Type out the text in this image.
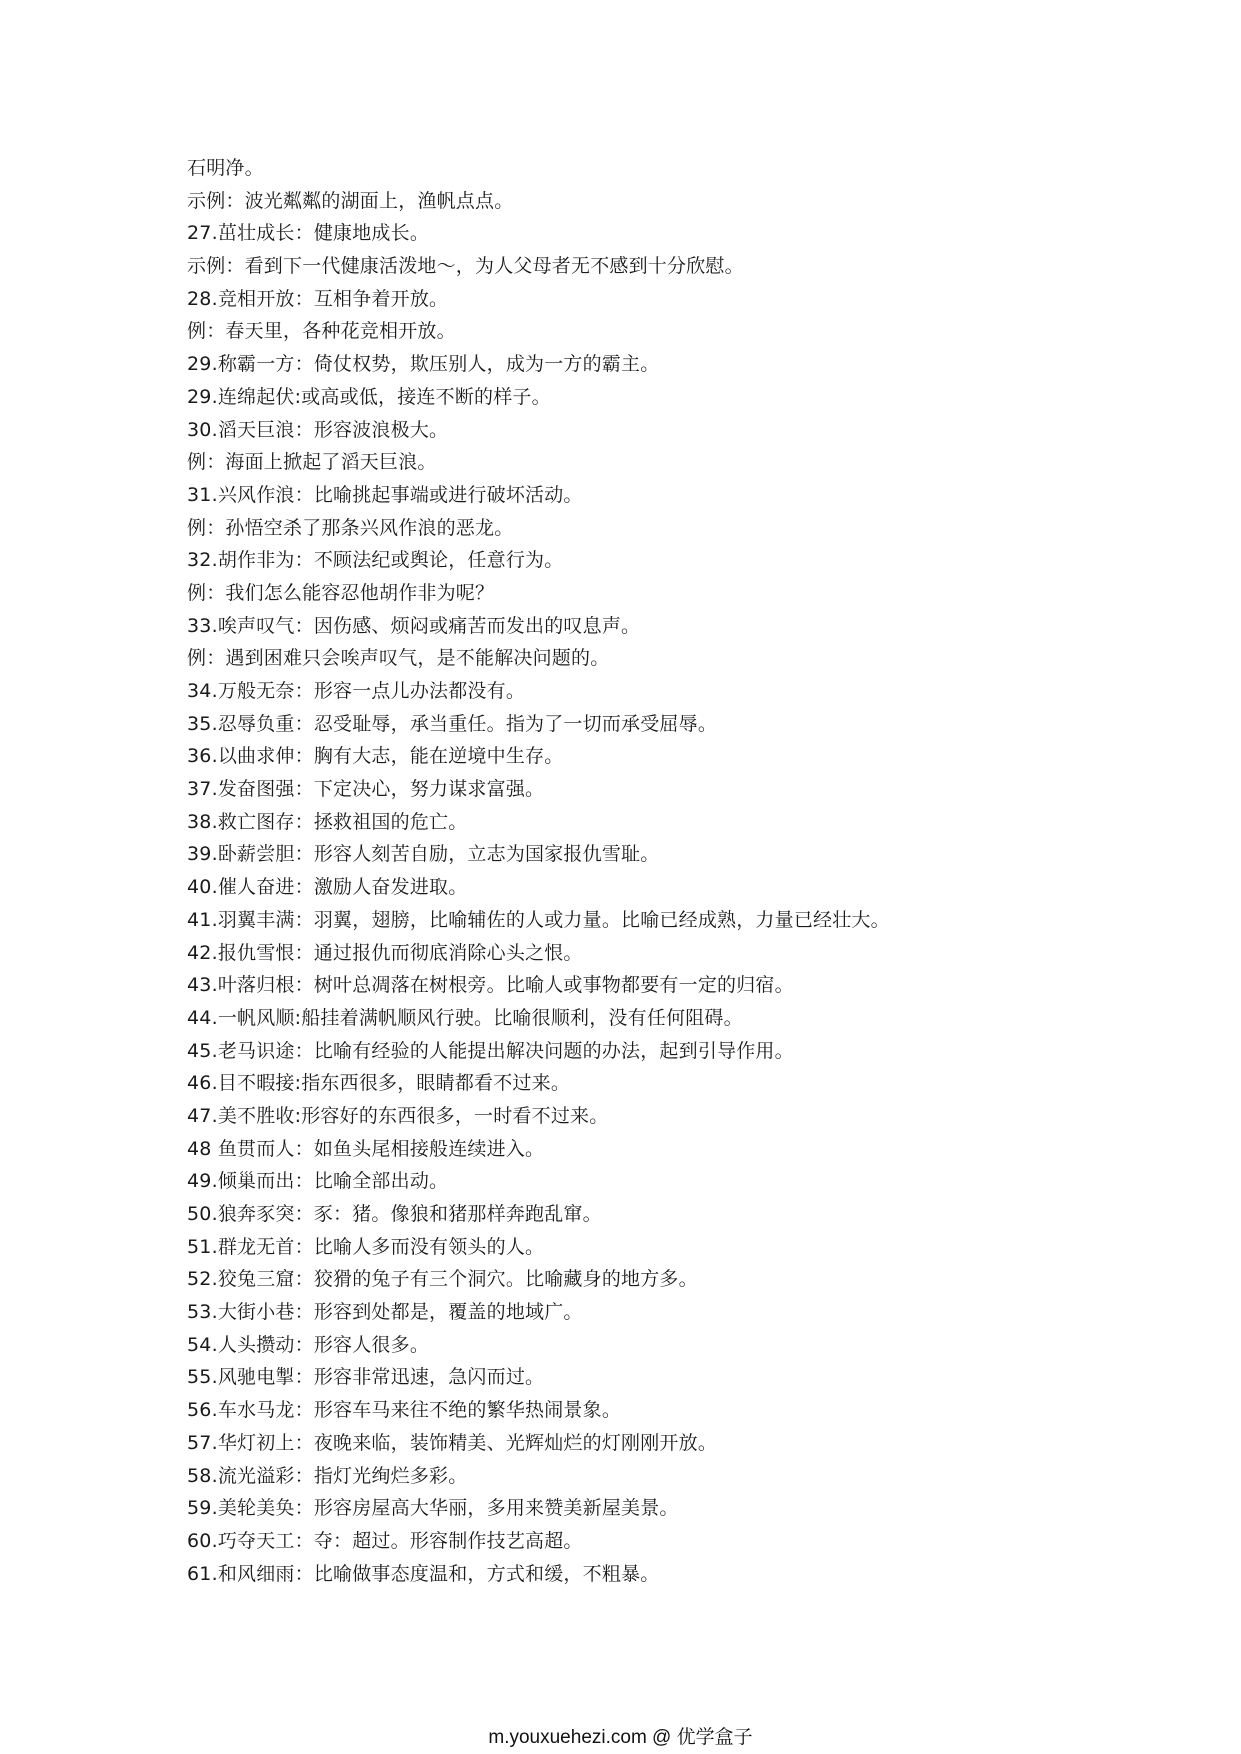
石明净。
示例：波光粼粼的湖面上，渔帆点点。
27.茁壮成长：健康地成长。
示例：看到下一代健康活泼地～，为人父母者无不感到十分欣慰。
28.竞相开放：互相争着开放。
例：春天里，各种花竞相开放。
29.称霸一方：倚仗权势，欺压别人，成为一方的霸主。
29.连绵起伏:或高或低，接连不断的样子。
30.滔天巨浪：形容波浪极大。
例：海面上掀起了滔天巨浪。
31.兴风作浪：比喻挑起事端或进行破坏活动。
例：孙悟空杀了那条兴风作浪的恶龙。
32.胡作非为：不顾法纪或舆论，任意行为。
例：我们怎么能容忍他胡作非为呢？
33.唉声叹气：因伤感、烦闷或痛苦而发出的叹息声。
例：遇到困难只会唉声叹气，是不能解决问题的。
34.万般无奈：形容一点儿办法都没有。
35.忍辱负重：忍受耻辱，承当重任。指为了一切而承受屈辱。
36.以曲求伸：胸有大志，能在逆境中生存。
37.发奋图强：下定决心，努力谋求富强。
38.救亡图存：拯救祖国的危亡。
39.卧薪尝胆：形容人刻苦自励，立志为国家报仇雪耻。
40.催人奋进：激励人奋发进取。
41.羽翼丰满：羽翼，翅膀，比喻辅佐的人或力量。比喻已经成熟，力量已经壮大。
42.报仇雪恨：通过报仇而彻底消除心头之恨。
43.叶落归根：树叶总凋落在树根旁。比喻人或事物都要有一定的归宿。
44.一帆风顺:船挂着满帆顺风行驶。比喻很顺利，没有任何阻碍。
45.老马识途：比喻有经验的人能提出解决问题的办法，起到引导作用。
46.目不暇接:指东西很多，眼睛都看不过来。
47.美不胜收:形容好的东西很多，一时看不过来。
48 鱼贯而人：如鱼头尾相接般连续进入。
49.倾巢而出：比喻全部出动。
50.狼奔豕突：豕：猪。像狼和猪那样奔跑乱窜。
51.群龙无首：比喻人多而没有领头的人。
52.狡兔三窟：狡猾的兔子有三个洞穴。比喻藏身的地方多。
53.大街小巷：形容到处都是，覆盖的地域广。
54.人头攒动：形容人很多。
55.风驰电掣：形容非常迅速，急闪而过。
56.车水马龙：形容车马来往不绝的繁华热闹景象。
57.华灯初上：夜晚来临，装饰精美、光辉灿烂的灯刚刚开放。
58.流光溢彩：指灯光绚烂多彩。
59.美轮美奂：形容房屋高大华丽，多用来赞美新屋美景。
60.巧夺天工：夺：超过。形容制作技艺高超。
61.和风细雨：比喻做事态度温和，方式和缓，不粗暴。
m.youxuehezi.com @ 优学盒子
